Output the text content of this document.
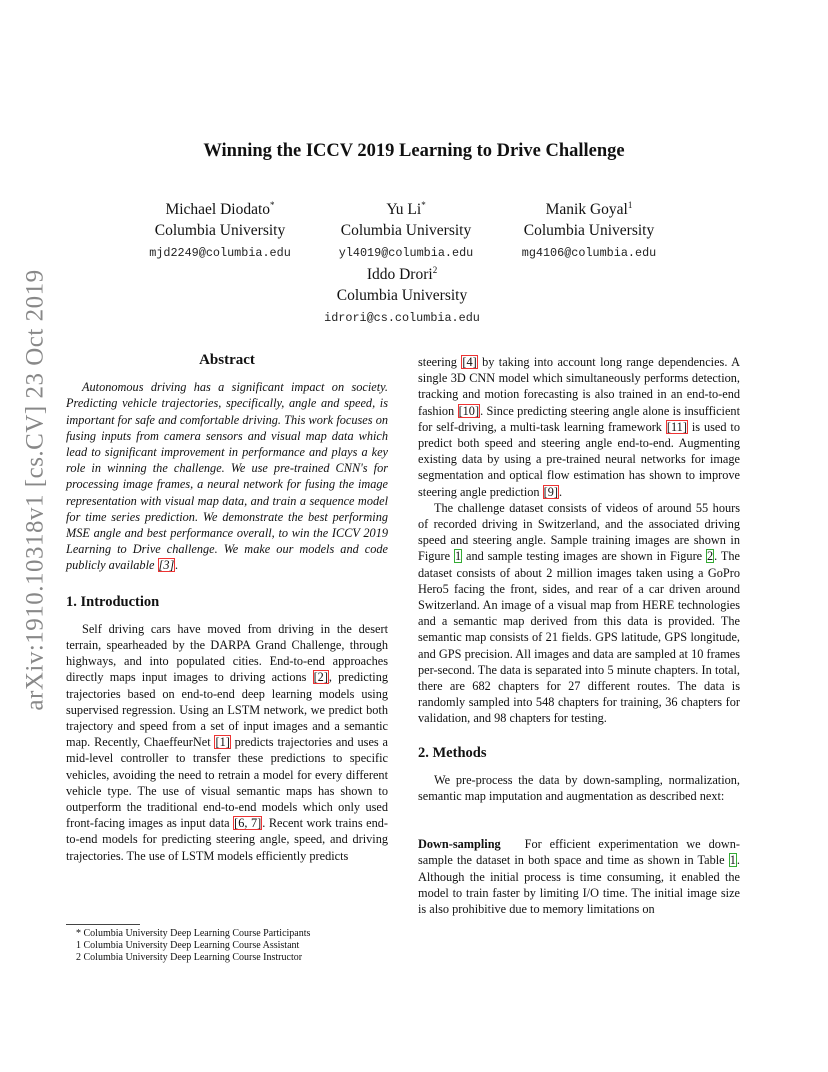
arXiv:1910.10318v1 [cs.CV] 23 Oct 2019
Winning the ICCV 2019 Learning to Drive Challenge
Michael Diodato*
Columbia University
mjd2249@columbia.edu
Yu Li*
Columbia University
yl4019@columbia.edu
Manik Goyal$^1$
Columbia University
mg4106@columbia.edu
Iddo Drori$^2$
Columbia University
idrori@cs.columbia.edu
Abstract

Autonomous driving has a significant impact on society. Predicting vehicle trajectories, specifically, angle and speed, is important for safe and comfortable driving. This work focuses on fusing inputs from camera sensors and visual map data which lead to significant improvement in performance and plays a key role in winning the challenge. We use pre-trained CNN's for processing image frames, a neural network for fusing the image representation with visual map data, and train a sequence model for time series prediction. We demonstrate the best performing MSE angle and best performance overall, to win the ICCV 2019 Learning to Drive challenge. We make our models and code publicly available [3].

1. Introduction

Self driving cars have moved from driving in the desert terrain, spearheaded by the DARPA Grand Challenge, through highways, and into populated cities. End-to-end approaches directly maps input images to driving actions [2], predicting trajectories based on end-to-end deep learning models using supervised regression. Using an LSTM network, we predict both trajectory and speed from a set of input images and a semantic map. Recently, ChaeffeurNet [1] predicts trajectories and uses a mid-level controller to transfer these predictions to specific vehicles, avoiding the need to retrain a model for every different vehicle type. The use of visual semantic maps has shown to outperform the traditional end-to-end models which only used front-facing images as input data [6, 7]. Recent work trains end-to-end models for predicting steering angle, speed, and driving trajectories. The use of LSTM models efficiently predicts

* Columbia University Deep Learning Course Participants
1 Columbia University Deep Learning Course Assistant
2 Columbia University Deep Learning Course Instructor

steering [4] by taking into account long range dependencies. A single 3D CNN model which simultaneously performs detection, tracking and motion forecasting is also trained in an end-to-end fashion [10]. Since predicting steering angle alone is insufficient for self-driving, a multi-task learning framework [11] is used to predict both speed and steering angle end-to-end. Augmenting existing data by using a pre-trained neural networks for image segmentation and optical flow estimation has shown to improve steering angle prediction [9].

The challenge dataset consists of videos of around 55 hours of recorded driving in Switzerland, and the associated driving speed and steering angle. Sample training images are shown in Figure 1 and sample testing images are shown in Figure 2. The dataset consists of about 2 million images taken using a GoPro Hero5 facing the front, sides, and rear of a car driven around Switzerland. An image of a visual map from HERE technologies and a semantic map derived from this data is provided. The semantic map consists of 21 fields. GPS latitude, GPS longitude, and GPS precision. All images and data are sampled at 10 frames per-second. The data is separated into 5 minute chapters. In total, there are 682 chapters for 27 different routes. The data is randomly sampled into 548 chapters for training, 36 chapters for validation, and 98 chapters for testing.

2. Methods

We pre-process the data by down-sampling, normalization, semantic map imputation and augmentation as described next:

Down-sampling For efficient experimentation we down-sample the dataset in both space and time as shown in Table 1. Although the initial process is time consuming, it enabled the model to train faster by limiting I/O time. The initial image size is also prohibitive due to memory limitations on
